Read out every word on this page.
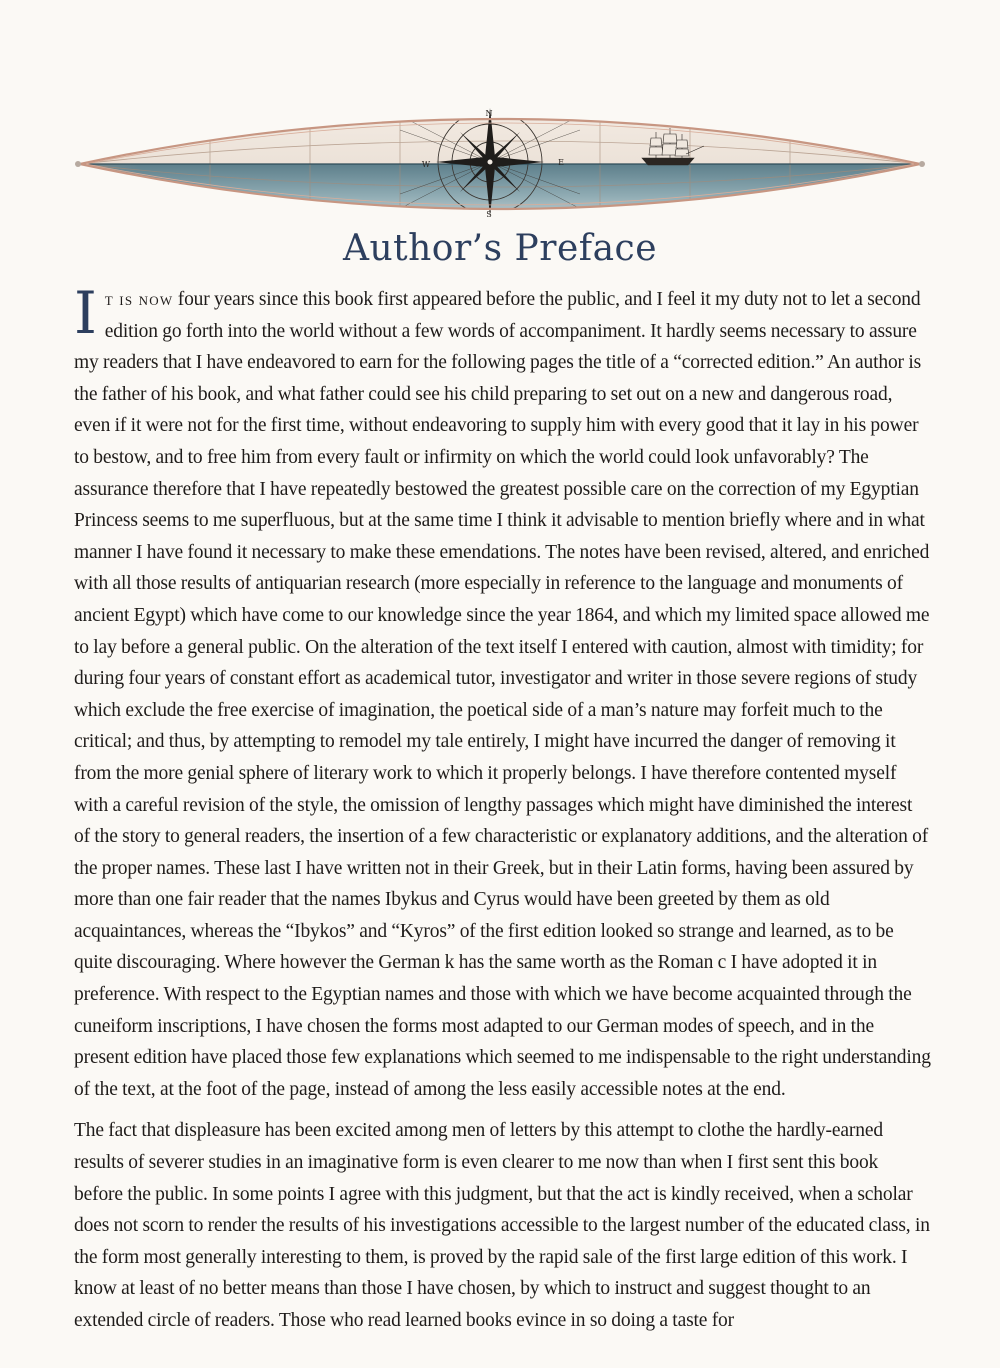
N
S
E
W
Author’s Preface

It is now four years since this book first appeared before the public, and I feel it my duty not to let a second edition go forth into the world without a few words of accompaniment. It hardly seems necessary to assure my readers that I have endeavored to earn for the following pages the title of a “corrected edition.” An author is the father of his book, and what father could see his child preparing to set out on a new and dangerous road, even if it were not for the first time, without endeavoring to supply him with every good that it lay in his power to bestow, and to free him from every fault or infirmity on which the world could look unfavorably? The assurance therefore that I have repeatedly bestowed the greatest possible care on the correction of my Egyptian Princess seems to me superfluous, but at the same time I think it advisable to mention briefly where and in what manner I have found it necessary to make these emendations. The notes have been revised, altered, and enriched with all those results of antiquarian research (more especially in reference to the language and monuments of ancient Egypt) which have come to our knowledge since the year 1864, and which my limited space allowed me to lay before a general public. On the alteration of the text itself I entered with caution, almost with timidity; for during four years of constant effort as academical tutor, investigator and writer in those severe regions of study which exclude the free exercise of imagination, the poetical side of a man’s nature may forfeit much to the critical; and thus, by attempting to remodel my tale entirely, I might have incurred the danger of removing it from the more genial sphere of literary work to which it properly belongs. I have therefore contented myself with a careful revision of the style, the omission of lengthy passages which might have diminished the interest of the story to general readers, the insertion of a few characteristic or explanatory additions, and the alteration of the proper names. These last I have written not in their Greek, but in their Latin forms, having been assured by more than one fair reader that the names Ibykus and Cyrus would have been greeted by them as old acquaintances, whereas the “Ibykos” and “Kyros” of the first edition looked so strange and learned, as to be quite discouraging. Where however the German k has the same worth as the Roman c I have adopted it in preference. With respect to the Egyptian names and those with which we have become acquainted through the cuneiform inscriptions, I have chosen the forms most adapted to our German modes of speech, and in the present edition have placed those few explanations which seemed to me indispensable to the right understanding of the text, at the foot of the page, instead of among the less easily accessible notes at the end.

The fact that displeasure has been excited among men of letters by this attempt to clothe the hardly-earned results of severer studies in an imaginative form is even clearer to me now than when I first sent this book before the public. In some points I agree with this judgment, but that the act is kindly received, when a scholar does not scorn to render the results of his investigations accessible to the largest number of the educated class, in the form most generally interesting to them, is proved by the rapid sale of the first large edition of this work. I know at least of no better means than those I have chosen, by which to instruct and suggest thought to an extended circle of readers. Those who read learned books evince in so doing a taste for
